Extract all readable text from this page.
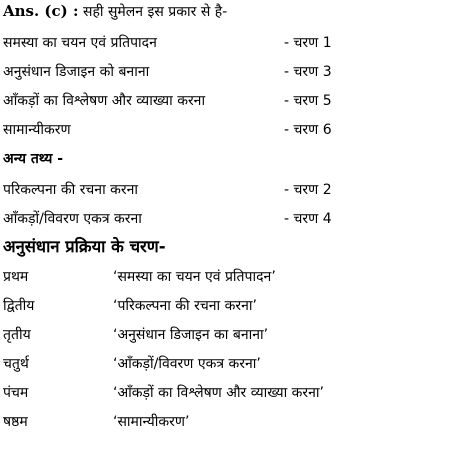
Ans. (c) : सही सुमेलन इस प्रकार से है-
समस्या का चयन एवं प्रतिपादन	- चरण 1
अनुसंधान डिजाइन को बनाना	- चरण 3
आँकड़ों का विश्लेषण और व्याख्या करना	- चरण 5
सामान्यीकरण	- चरण 6
अन्य तथ्य -
परिकल्पना की रचना करना	- चरण 2
आँकड़ों/विवरण एकत्र करना	- चरण 4
अनुसंधान प्रक्रिया के चरण-
प्रथम	‘समस्या का चयन एवं प्रतिपादन’
द्वितीय	‘परिकल्पना की रचना करना’
तृतीय	‘अनुसंधान डिजाइन का बनाना’
चतुर्थ	‘आँकड़ों/विवरण एकत्र करना’
पंचम	‘आँकड़ों का विश्लेषण और व्याख्या करना’
षष्ठम	‘सामान्यीकरण’
